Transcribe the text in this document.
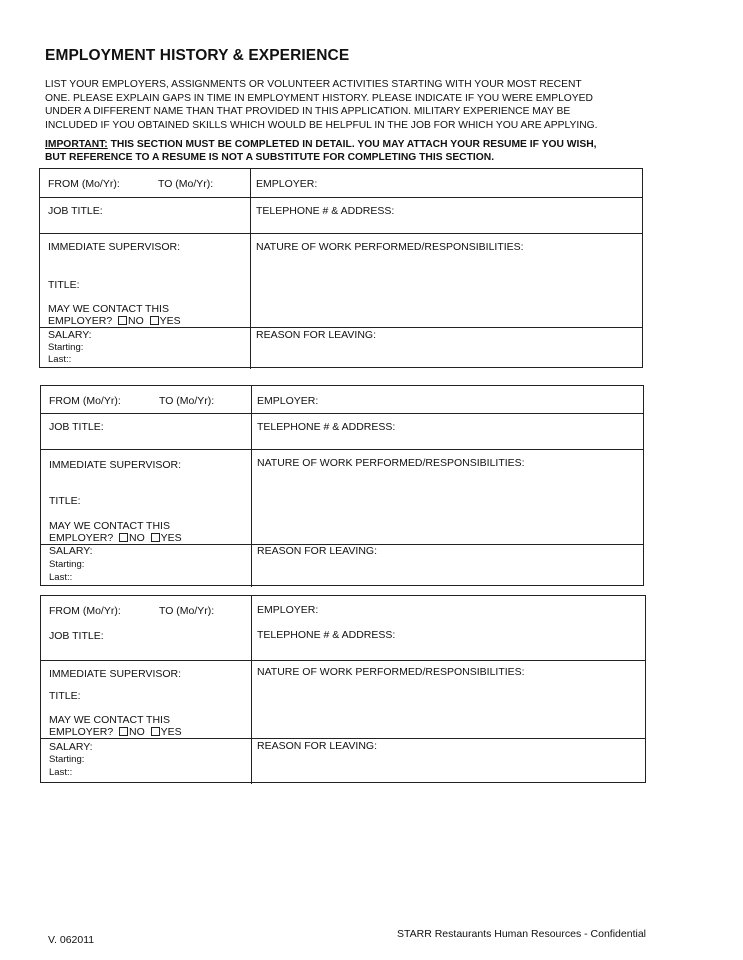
EMPLOYMENT HISTORY & EXPERIENCE
LIST YOUR EMPLOYERS, ASSIGNMENTS OR VOLUNTEER ACTIVITIES STARTING WITH YOUR MOST RECENT
ONE. PLEASE EXPLAIN GAPS IN TIME IN EMPLOYMENT HISTORY. PLEASE INDICATE IF YOU WERE EMPLOYED
UNDER A DIFFERENT NAME THAN THAT PROVIDED IN THIS APPLICATION. MILITARY EXPERIENCE MAY BE
INCLUDED IF YOU OBTAINED SKILLS WHICH WOULD BE HELPFUL IN THE JOB FOR WHICH YOU ARE APPLYING.
IMPORTANT: THIS SECTION MUST BE COMPLETED IN DETAIL. YOU MAY ATTACH YOUR RESUME IF YOU WISH,
BUT REFERENCE TO A RESUME IS NOT A SUBSTITUTE FOR COMPLETING THIS SECTION.
FROM (Mo/Yr):	TO (Mo/Yr):	EMPLOYER:
JOB TITLE:	TELEPHONE # & ADDRESS:
IMMEDIATE SUPERVISOR:	NATURE OF WORK PERFORMED/RESPONSIBILITIES:
TITLE:
MAY WE CONTACT THIS
EMPLOYER? NO YES
SALARY:
Starting:
Last::
REASON FOR LEAVING:
FROM (Mo/Yr):	TO (Mo/Yr):	EMPLOYER:
JOB TITLE:	TELEPHONE # & ADDRESS:
IMMEDIATE SUPERVISOR:	NATURE OF WORK PERFORMED/RESPONSIBILITIES:
TITLE:
MAY WE CONTACT THIS
EMPLOYER? NO YES
SALARY:
Starting:
Last::
REASON FOR LEAVING:
FROM (Mo/Yr):	TO (Mo/Yr):	EMPLOYER:
JOB TITLE:	TELEPHONE # & ADDRESS:
IMMEDIATE SUPERVISOR:	NATURE OF WORK PERFORMED/RESPONSIBILITIES:
TITLE:
MAY WE CONTACT THIS
EMPLOYER? NO YES
SALARY:
Starting:
Last::
REASON FOR LEAVING:
V. 062011	STARR Restaurants Human Resources - Confidential
